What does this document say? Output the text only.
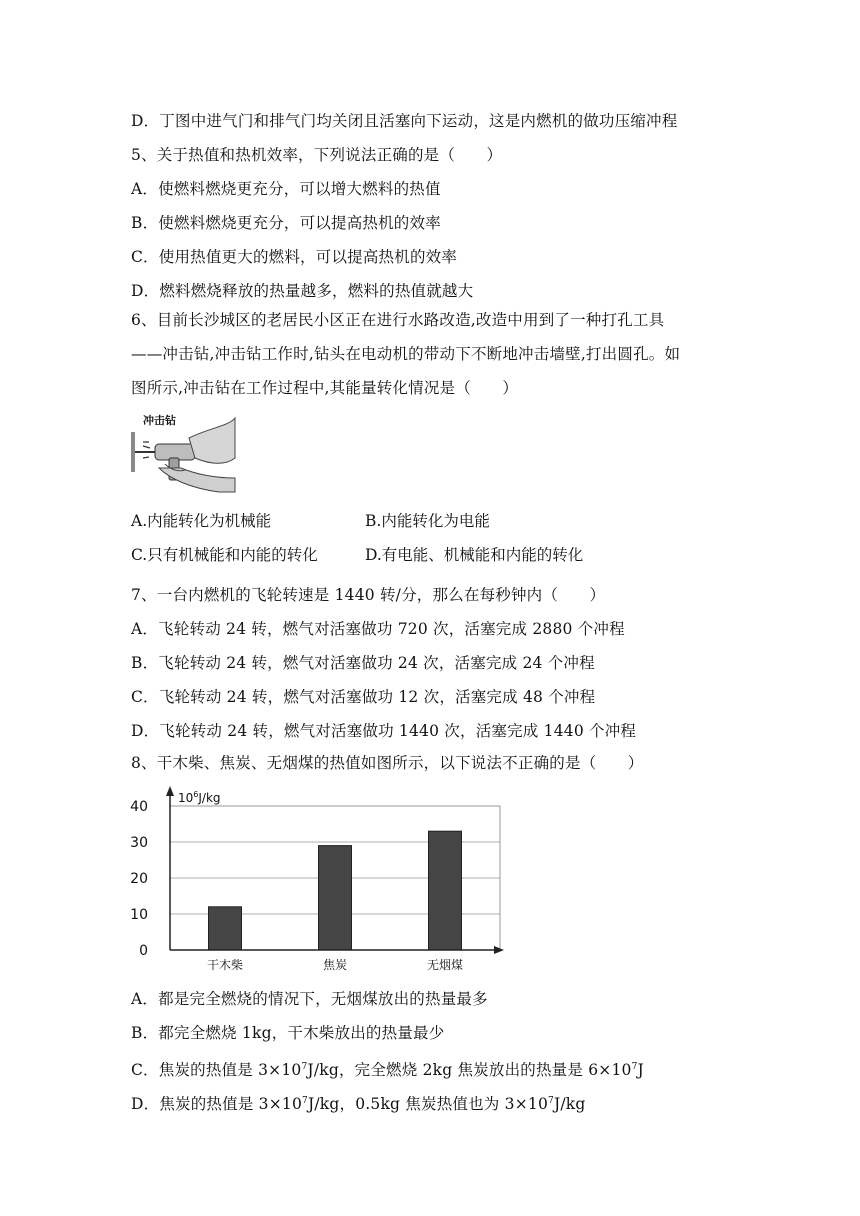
D．丁图中进气门和排气门均关闭且活塞向下运动，这是内燃机的做功压缩冲程
5、关于热值和热机效率，下列说法正确的是（　　）
A．使燃料燃烧更充分，可以增大燃料的热值
B．使燃料燃烧更充分，可以提高热机的效率
C．使用热值更大的燃料，可以提高热机的效率
D．燃料燃烧释放的热量越多，燃料的热值就越大
6、目前长沙城区的老居民小区正在进行水路改造,改造中用到了一种打孔工具
——冲击钻,冲击钻工作时,钻头在电动机的带动下不断地冲击墙壁,打出圆孔。如
图所示,冲击钻在工作过程中,其能量转化情况是（　　）
冲击钻
A.内能转化为机械能	B.内能转化为电能
C.只有机械能和内能的转化	D.有电能、机械能和内能的转化
7、一台内燃机的飞轮转速是 1440 转/分，那么在每秒钟内（　　）
A．飞轮转动 24 转，燃气对活塞做功 720 次，活塞完成 2880 个冲程
B．飞轮转动 24 转，燃气对活塞做功 24 次，活塞完成 24 个冲程
C．飞轮转动 24 转，燃气对活塞做功 12 次，活塞完成 48 个冲程
D．飞轮转动 24 转，燃气对活塞做功 1440 次，活塞完成 1440 个冲程
8、干木柴、焦炭、无烟煤的热值如图所示，以下说法不正确的是（　　）
0
10
20
30
40
干木柴	焦炭	无烟煤
$10^6J/kg$
A．都是完全燃烧的情况下，无烟煤放出的热量最多
B．都完全燃烧 1kg，干木柴放出的热量最少
C．焦炭的热值是 $3\times 10^7J/kg$，完全燃烧 2kg 焦炭放出的热量是 $6\times 10^7J$
D．焦炭的热值是 $3\times 10^7J/kg$，0.5kg 焦炭热值也为 $3\times 10^7J/kg$
